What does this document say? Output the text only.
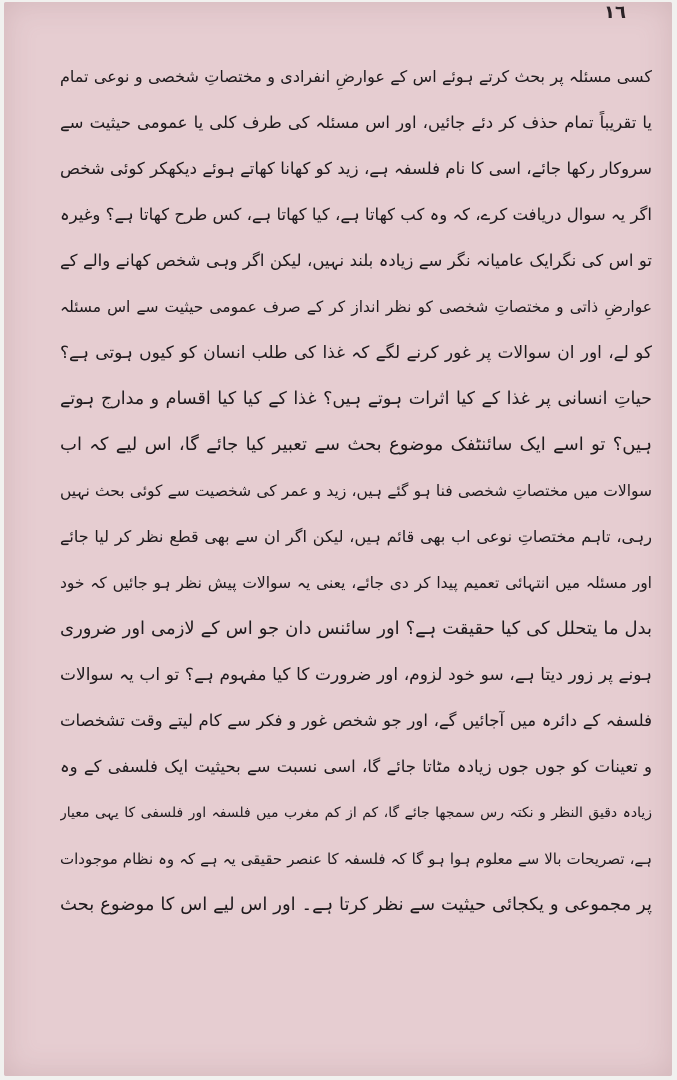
١٦
کسی مسئلہ پر بحث کرتے ہوئے اس کے عوارضِ انفرادی و مختصاتِ شخصی و نوعی تمام
یا تقریباً تمام حذف کر دئے جائیں، اور اس مسئلہ کی طرف کلی یا عمومی حیثیت سے
سروکار رکھا جائے، اسی کا نام فلسفہ ہے، زید کو کھانا کھاتے ہوئے دیکھکر کوئی شخص
اگر یہ سوال دریافت کرے، کہ وہ کب کھاتا ہے، کیا کھاتا ہے، کس طرح کھاتا ہے؟ وغیرہ
تو اس کی نگرایک عامیانہ نگر سے زیادہ بلند نہیں، لیکن اگر وہی شخص کھانے والے کے
عوارضِ ذاتی و مختصاتِ شخصی کو نظر انداز کر کے صرف عمومی حیثیت سے اس مسئلہ
کو لے، اور ان سوالات پر غور کرنے لگے کہ غذا کی طلب انسان کو کیوں ہوتی ہے؟
حیاتِ انسانی پر غذا کے کیا اثرات ہوتے ہیں؟ غذا کے کیا کیا اقسام و مدارج ہوتے
ہیں؟ تو اسے ایک سائنٹفک موضوع بحث سے تعبیر کیا جائے گا، اس لیے کہ اب
سوالات میں مختصاتِ شخصی فنا ہو گئے ہیں، زید و عمر کی شخصیت سے کوئی بحث نہیں
رہی، تاہم مختصاتِ نوعی اب بھی قائم ہیں، لیکن اگر ان سے بھی قطع نظر کر لیا جائے
اور مسئلہ میں انتہائی تعمیم پیدا کر دی جائے، یعنی یہ سوالات پیش نظر ہو جائیں کہ خود
بدل ما یتحلل کی کیا حقیقت ہے؟ اور سائنس دان جو اس کے لازمی اور ضروری
ہونے پر زور دیتا ہے، سو خود لزوم، اور ضرورت کا کیا مفہوم ہے؟ تو اب یہ سوالات
فلسفہ کے دائرہ میں آجائیں گے، اور جو شخص غور و فکر سے کام لیتے وقت تشخصات
و تعینات کو جوں جوں زیادہ مٹاتا جائے گا، اسی نسبت سے بحیثیت ایک فلسفی کے وہ
زیادہ دقیق النظر و نکتہ رس سمجھا جائے گا، کم از کم مغرب میں فلسفہ اور فلسفی کا یہی معیار
ہے، تصریحات بالا سے معلوم ہوا ہو گا کہ فلسفہ کا عنصر حقیقی یہ ہے کہ وہ نظام موجودات
پر مجموعی و یکجائی حیثیت سے نظر کرتا ہے۔ اور اس لیے اس کا موضوع بحث
